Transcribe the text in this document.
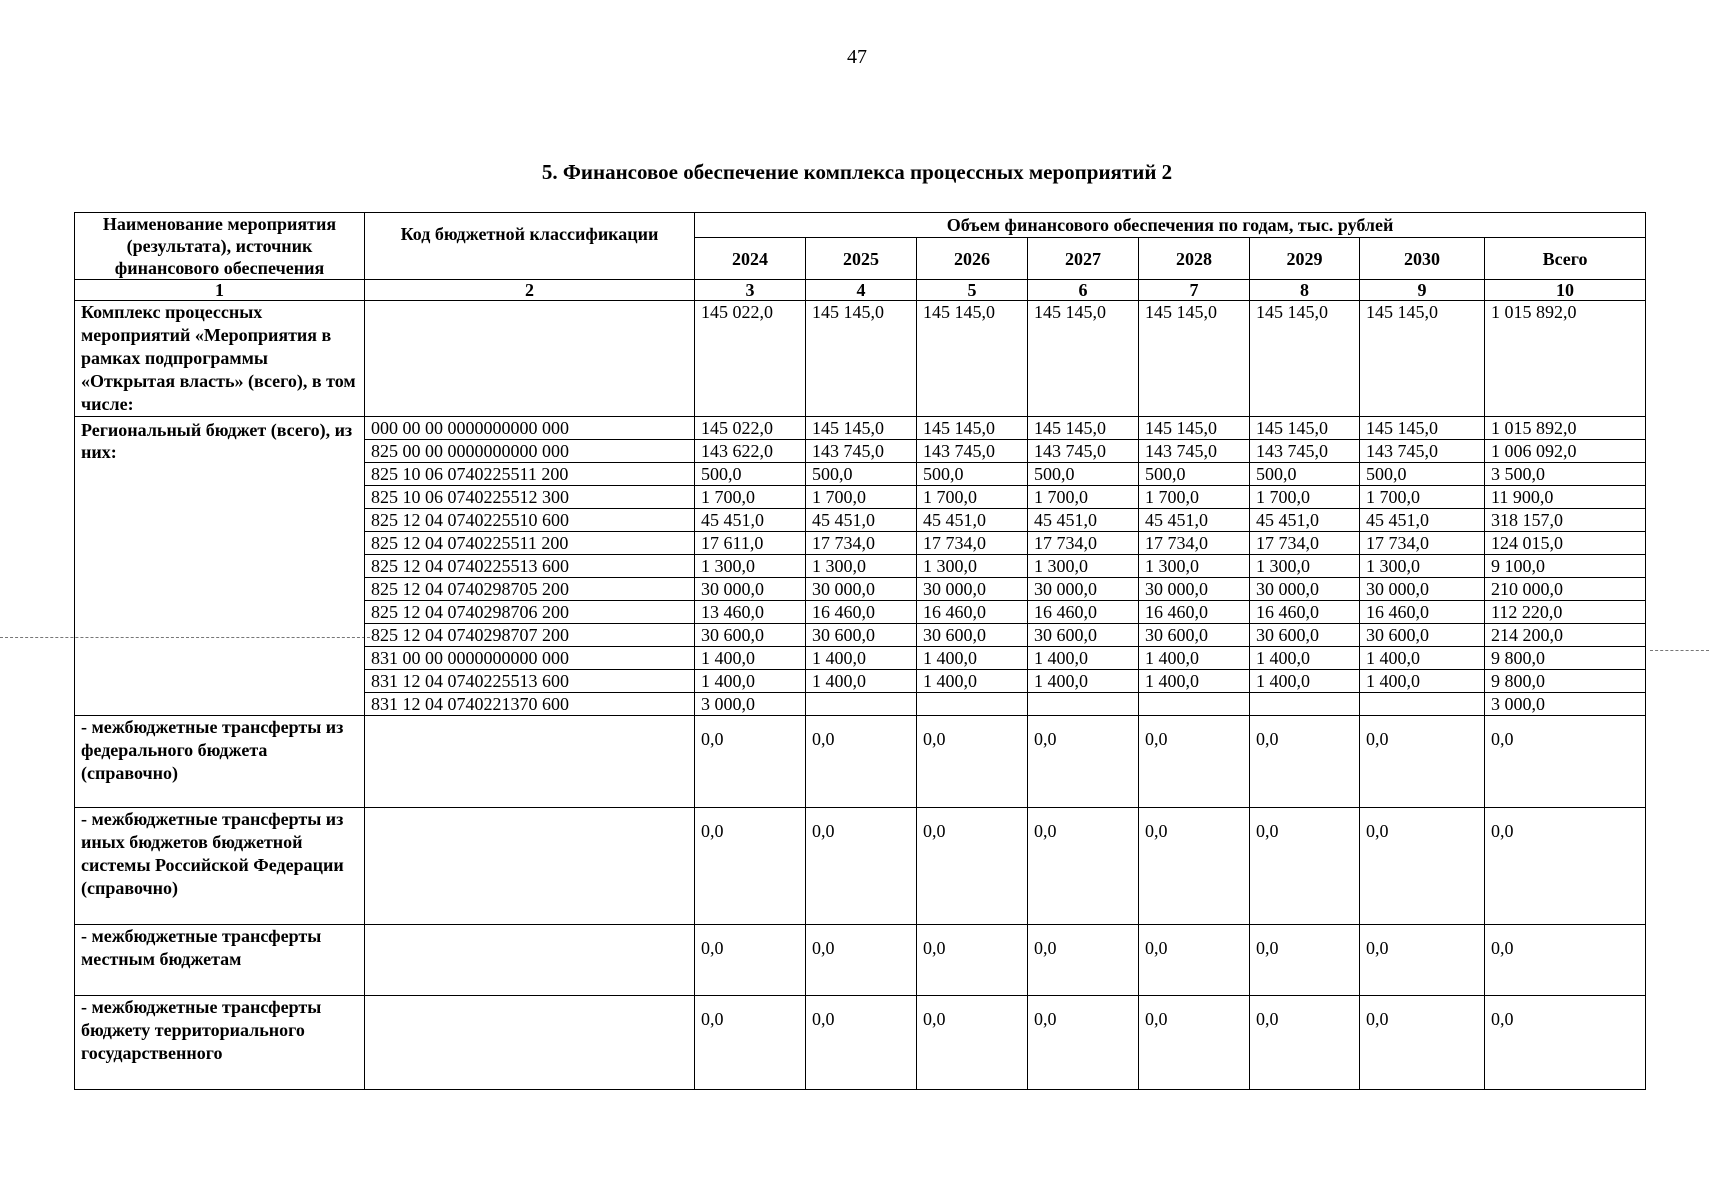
47
5. Финансовое обеспечение комплекса процессных мероприятий 2
Наименование мероприятия (результата), источник финансового обеспечения	Код бюджетной классификации	Объем финансового обеспечения по годам, тыс. рублей							
		2024	2025	2026	2027	2028	2029	2030	Всего
1	2	3	4	5	6	7	8	9	10
Комплекс процессных мероприятий «Мероприятия в рамках подпрограммы «Открытая власть» (всего), в том числе:		145 022,0	145 145,0	145 145,0	145 145,0	145 145,0	145 145,0	145 145,0	1 015 892,0
Региональный бюджет (всего), из них:	000 00 00 0000000000 000	145 022,0	145 145,0	145 145,0	145 145,0	145 145,0	145 145,0	145 145,0	1 015 892,0
	825 00 00 0000000000 000	143 622,0	143 745,0	143 745,0	143 745,0	143 745,0	143 745,0	143 745,0	1 006 092,0
	825 10 06 0740225511 200	500,0	500,0	500,0	500,0	500,0	500,0	500,0	3 500,0
	825 10 06 0740225512 300	1 700,0	1 700,0	1 700,0	1 700,0	1 700,0	1 700,0	1 700,0	11 900,0
	825 12 04 0740225510 600	45 451,0	45 451,0	45 451,0	45 451,0	45 451,0	45 451,0	45 451,0	318 157,0
	825 12 04 0740225511 200	17 611,0	17 734,0	17 734,0	17 734,0	17 734,0	17 734,0	17 734,0	124 015,0
	825 12 04 0740225513 600	1 300,0	1 300,0	1 300,0	1 300,0	1 300,0	1 300,0	1 300,0	9 100,0
	825 12 04 0740298705 200	30 000,0	30 000,0	30 000,0	30 000,0	30 000,0	30 000,0	30 000,0	210 000,0
	825 12 04 0740298706 200	13 460,0	16 460,0	16 460,0	16 460,0	16 460,0	16 460,0	16 460,0	112 220,0
	825 12 04 0740298707 200	30 600,0	30 600,0	30 600,0	30 600,0	30 600,0	30 600,0	30 600,0	214 200,0
	831 00 00 0000000000 000	1 400,0	1 400,0	1 400,0	1 400,0	1 400,0	1 400,0	1 400,0	9 800,0
	831 12 04 0740225513 600	1 400,0	1 400,0	1 400,0	1 400,0	1 400,0	1 400,0	1 400,0	9 800,0
	831 12 04 0740221370 600	3 000,0							3 000,0
- межбюджетные трансферты из федерального бюджета (справочно)		0,0	0,0	0,0	0,0	0,0	0,0	0,0	0,0
- межбюджетные трансферты из иных бюджетов бюджетной системы Российской Федерации (справочно)		0,0	0,0	0,0	0,0	0,0	0,0	0,0	0,0
- межбюджетные трансферты местным бюджетам		0,0	0,0	0,0	0,0	0,0	0,0	0,0	0,0
- межбюджетные трансферты бюджету территориального государственного		0,0	0,0	0,0	0,0	0,0	0,0	0,0	0,0
